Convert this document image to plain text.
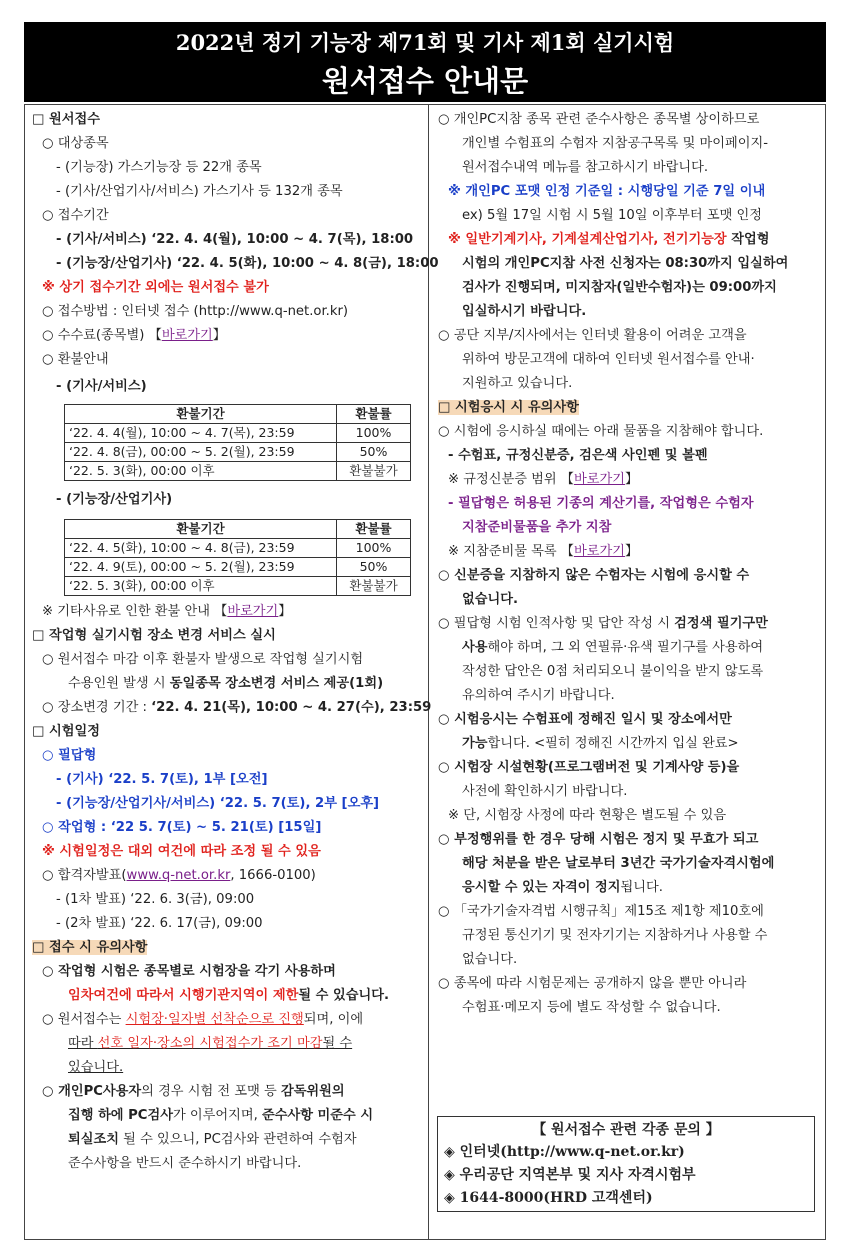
2022년 정기 기능장 제71회 및 기사 제1회 실기시험
원서접수 안내문
□ 원서접수
○ 대상종목
- (기능장) 가스기능장 등 22개 종목
- (기사/산업기사/서비스) 가스기사 등 132개 종목
○ 접수기간
- (기사/서비스) ‘22. 4. 4(월), 10:00 ~ 4. 7(목), 18:00
- (기능장/산업기사) ‘22. 4. 5(화), 10:00 ~ 4. 8(금), 18:00
※ 상기 접수기간 외에는 원서접수 불가
○ 접수방법 : 인터넷 접수 (http://www.q-net.or.kr)
○ 수수료(종목별) 【바로가기】
○ 환불안내
- (기사/서비스)
환불기간	환불률
‘22. 4. 4(월), 10:00 ~ 4. 7(목), 23:59	100%
‘22. 4. 8(금), 00:00 ~ 5. 2(월), 23:59	50%
‘22. 5. 3(화), 00:00 이후	환불불가
- (기능장/산업기사)
환불기간	환불률
‘22. 4. 5(화), 10:00 ~ 4. 8(금), 23:59	100%
‘22. 4. 9(토), 00:00 ~ 5. 2(월), 23:59	50%
‘22. 5. 3(화), 00:00 이후	환불불가
※ 기타사유로 인한 환불 안내 【바로가기】
□ 작업형 실기시험 장소 변경 서비스 실시
○ 원서접수 마감 이후 환불자 발생으로 작업형 실기시험
수용인원 발생 시 동일종목 장소변경 서비스 제공(1회)
○ 장소변경 기간 : ‘22. 4. 21(목), 10:00 ~ 4. 27(수), 23:59
□ 시험일정
○ 필답형
- (기사) ‘22. 5. 7(토), 1부 [오전]
- (기능장/산업기사/서비스) ‘22. 5. 7(토), 2부 [오후]
○ 작업형 : ‘22 5. 7(토) ~ 5. 21(토) [15일]
※ 시험일정은 대외 여건에 따라 조정 될 수 있음
○ 합격자발표(www.q-net.or.kr, 1666-0100)
- (1차 발표) ‘22. 6. 3(금), 09:00
- (2차 발표) ‘22. 6. 17(금), 09:00
□ 접수 시 유의사항
○ 작업형 시험은 종목별로 시험장을 각기 사용하며
임차여건에 따라서 시행기관지역이 제한될 수 있습니다.
○ 원서접수는 시험장·일자별 선착순으로 진행되며, 이에
따라 선호 일자·장소의 시험접수가 조기 마감될 수
있습니다.
○ 개인PC사용자의 경우 시험 전 포맷 등 감독위원의
집행 하에 PC검사가 이루어지며, 준수사항 미준수 시
퇴실조치 될 수 있으니, PC검사와 관련하여 수험자
준수사항을 반드시 준수하시기 바랍니다.
○ 개인PC지참 종목 관련 준수사항은 종목별 상이하므로
개인별 수험표의 수험자 지참공구목록 및 마이페이지-
원서접수내역 메뉴를 참고하시기 바랍니다.
※ 개인PC 포맷 인정 기준일 : 시행당일 기준 7일 이내
ex) 5월 17일 시험 시 5월 10일 이후부터 포맷 인정
※ 일반기계기사, 기계설계산업기사, 전기기능장 작업형
시험의 개인PC지참 사전 신청자는 08:30까지 입실하여
검사가 진행되며, 미지참자(일반수험자)는 09:00까지
입실하시기 바랍니다.
○ 공단 지부/지사에서는 인터넷 활용이 어려운 고객을
위하여 방문고객에 대하여 인터넷 원서접수를 안내·
지원하고 있습니다.
□ 시험응시 시 유의사항
○ 시험에 응시하실 때에는 아래 물품을 지참해야 합니다.
- 수험표, 규정신분증, 검은색 사인펜 및 볼펜
※ 규정신분증 범위 【바로가기】
- 필답형은 허용된 기종의 계산기를, 작업형은 수험자
지참준비물품을 추가 지참
※ 지참준비물 목록 【바로가기】
○ 신분증을 지참하지 않은 수험자는 시험에 응시할 수
없습니다.
○ 필답형 시험 인적사항 및 답안 작성 시 검정색 필기구만
사용해야 하며, 그 외 연필류·유색 필기구를 사용하여
작성한 답안은 0점 처리되오니 불이익을 받지 않도록
유의하여 주시기 바랍니다.
○ 시험응시는 수험표에 정해진 일시 및 장소에서만
가능합니다. <필히 정해진 시간까지 입실 완료>
○ 시험장 시설현황(프로그램버전 및 기계사양 등)을
사전에 확인하시기 바랍니다.
※ 단, 시험장 사정에 따라 현황은 별도될 수 있음
○ 부정행위를 한 경우 당해 시험은 정지 및 무효가 되고
해당 처분을 받은 날로부터 3년간 국가기술자격시험에
응시할 수 있는 자격이 정지됩니다.
○ 「국가기술자격법 시행규칙」제15조 제1항 제10호에
규정된 통신기기 및 전자기기는 지참하거나 사용할 수
없습니다.
○ 종목에 따라 시험문제는 공개하지 않을 뿐만 아니라
수험표·메모지 등에 별도 작성할 수 없습니다.
【 원서접수 관련 각종 문의 】
◈ 인터넷(http://www.q-net.or.kr)
◈ 우리공단 지역본부 및 지사 자격시험부
◈ 1644-8000(HRD 고객센터)
